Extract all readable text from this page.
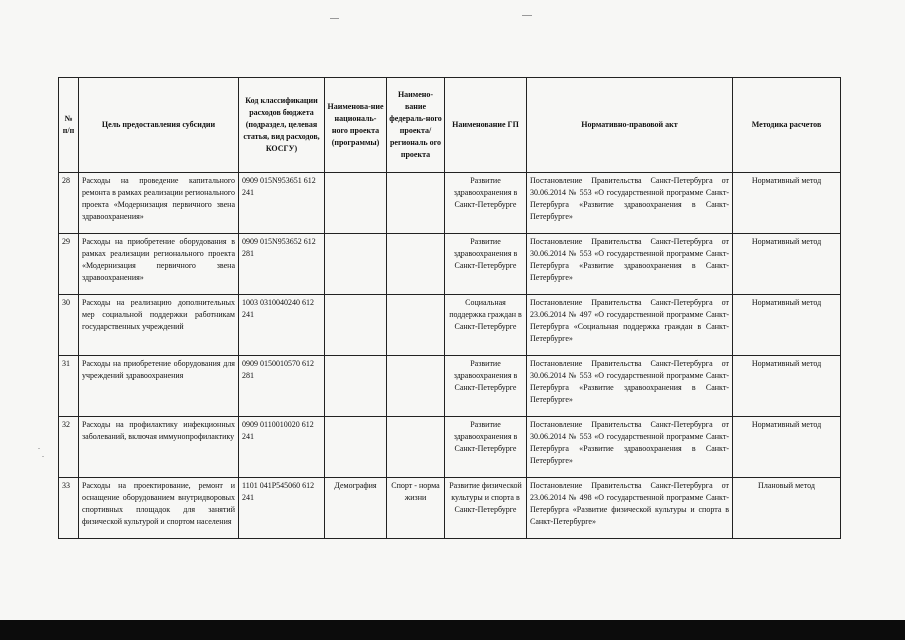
№ п/п	Цель предоставления субсидии	Код классификации расходов бюджета (подраздел, целевая статья, вид расходов, КОСГУ)	Наименова-ние националь-ного проекта (программы)	Наимено-вание федераль-ного проекта/ региональ ого проекта	Наименование ГП	Нормативно-правовой акт	Методика расчетов
28	Расходы на проведение капитального ремонта в рамках реализации регионального проекта «Модернизация первичного звена здравоохранения»	0909 015N953651 612 241			Развитие здравоохранения в Санкт-Петербурге	Постановление Правительства Санкт-Петербурга от 30.06.2014 № 553 «О государственной программе Санкт-Петербурга «Развитие здравоохранения в Санкт-Петербурге»	Нормативный метод
29	Расходы на приобретение оборудования в рамках реализации регионального проекта «Модернизация первичного звена здравоохранения»	0909 015N953652 612 281			Развитие здравоохранения в Санкт-Петербурге	Постановление Правительства Санкт-Петербурга от 30.06.2014 № 553 «О государственной программе Санкт-Петербурга «Развитие здравоохранения в Санкт-Петербурге»	Нормативный метод
30	Расходы на реализацию дополнительных мер социальной поддержки работникам государственных учреждений	1003 0310040240 612 241			Социальная поддержка граждан в Санкт-Петербурге	Постановление Правительства Санкт-Петербурга от 23.06.2014 № 497 «О государственной программе Санкт-Петербурга «Социальная поддержка граждан в Санкт-Петербурге»	Нормативный метод
31	Расходы на приобретение оборудования для учреждений здравоохранения	0909 0150010570 612 281			Развитие здравоохранения в Санкт-Петербурге	Постановление Правительства Санкт-Петербурга от 30.06.2014 № 553 «О государственной программе Санкт-Петербурга «Развитие здравоохранения в Санкт-Петербурге»	Нормативный метод
32	Расходы на профилактику инфекционных заболеваний, включая иммунопрофилактику	0909 0110010020 612 241			Развитие здравоохранения в Санкт-Петербурге	Постановление Правительства Санкт-Петербурга от 30.06.2014 № 553 «О государственной программе Санкт-Петербурга «Развитие здравоохранения в Санкт-Петербурге»	Нормативный метод
33	Расходы на проектирование, ремонт и оснащение оборудованием внутридворовых спортивных площадок для занятий физической культурой и спортом населения	1101 041P545060 612 241	Демография	Спорт - норма жизни	Развитие физической культуры и спорта в Санкт-Петербурге	Постановление Правительства Санкт-Петербурга от 23.06.2014 № 498 «О государственной программе Санкт-Петербурга «Развитие физической культуры и спорта в Санкт-Петербурге»	Плановый метод
